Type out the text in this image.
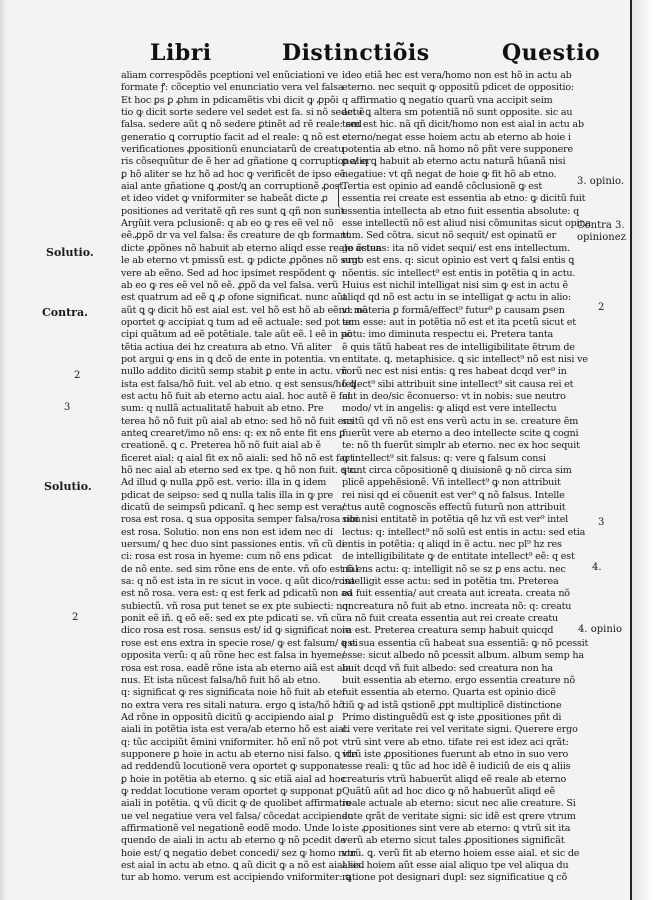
Libri	Distinctiõis	Questio
aliam correspõdẽs pceptioni vel enũciationi ve
formate ꝭ: cõceptio vel enunciatio vera vel falsa
Et hoc ꝑs ꝑ ꝓhm in pdicamẽtis vbi dicit ꝙ ꝓpõi
tio ꝙ dicit sorte sedere vel sedet est fa. si nõ sedet ẽ
falsa. sedere aũt ꝗ nõ sedere ꝑtinẽt ad rẽ reale: sed
generatio ꝗ corruptio facit ad el reale: ꝗ nõ est c.
verificationes ꝓpositionũ enunciatarũ de creatu
ris cõsequũtur de ẽ her ad gñatione ꝗ corruptione/ er
ꝑ hõ aliter se hz hõ ad hoc ꝙ verificẽt de ipso eẽ
aial ante gñatione ꝗ ꝓost/ꝗ an corruptionẽ ꝓost.
et ideo videt ꝙ vniformiter se habeãt dicte ꝓ
positiones ad veritatẽ qñ res sunt ꝗ qñ non sunt.
Argũit vera pclusionẽ: q ab eo ꝙ res eẽ vel nõ
eẽ.ꝓpõ dr va vel falsa: ẽs creature de qb formant
dicte ꝓpõnes nõ habuit ab eterno aliqd esse reale actua
le ab eterno vt pmissũ est. ꝙ pdicte ꝓpõnes nõ sunt
vere ab eẽno. Sed ad hoc ipsimet respõdent ꝙ
ab eo ꝙ res eẽ vel nõ eẽ. ꝓpõ da vel falsa. verũ
est quatrum ad eẽ ꝗ ꝓ ofone significat. nunc aũt
aũt ꝗ ꝙ dicit hõ est aial est. vel hõ est hõ ab eẽno: nõ
oportet ꝙ accipiat ꝗ tum ad eẽ actuale: sed pot ac
cipi quãtum ad eẽ potẽtiale. tale aũt eẽ. l eẽ in pō
tẽtia actiua dei hz creatura ab etno. Vñ aliter
pot argui ꝙ ens in ꝗ dcõ de ente in potentia. vn
nullo addito dicitũ semp stabit ꝑ ente in actu. vñ
ista est falsa/hõ fuit. vel ab etno. q est sensus/hõ ꝗ
est actu hõ fuit ab eterno actu aial. hoc autẽ ẽ fal
sum: q nullã actualitatẽ habuit ab etno. Pre
terea hõ nõ fuit pũ aial ab etno: sed hõ nõ fuit ens
anteꝗ crearet/imo nõ ens: q: ex nõ ente fit ens ꝑ
creationẽ. ꝗ c. Preterea hõ nõ fuit aial ab ẽ
ficeret aial: q aial fit ex nõ aiali: sed hõ nõ est fact
hõ nec aial ab eterno sed ex tpe. ꝗ hõ non fuit. ꝗ c.
Ad illud ꝙ nulla ꝓpõ est. verio: illa in ꝗ idem
pdicat de seipso: sed ꝗ nulla talis illa in ꝙ pre
dicatũ de seimpsũ pdicanĩ. ꝗ hec semp est vera/
rosa est rosa. ꝗ sua opposita semper falsa/rosa non
est rosa. Solutio. non ens non est idem nec di
uersum/ ꝗ hec duo sint passiones entis. vñ cũ di
ci: rosa est rosa in hyeme: cum nõ ens pdicat
de nõ ente. sed sim rõne ens de ente. vñ ofo est fal
sa: q nõ est ista in re sicut in voce. q aũt dico/rosa
est nõ rosa. vera est: q est ferk ad pdicatũ non ad
subiectũ. vñ rosa put tenet se ex pte subiecti: non
ponit eẽ iñ. ꝗ eõ eẽ: sed ex pte pdicati se. vñ cũ
dico rosa est rosa. sensus est/ id ꝙ significat noie
rose est ens extra in specie rose/ ꝙ est falsum/ ꝗ ei
opposita verũ: q aũ rõne hec est falsa in hyeme/
rosa est rosa. eadẽ rõne ista ab eterno aiã est aia
nus. Et ista nũcest falsa/hõ fuit hõ ab etno.
q: significat ꝙ res significata noie hõ fuit ab eter
no extra vera res sitali natura. ergo ꝗ ista/hõ hõ
Ad rõne in oppositũ dicitũ ꝙ accipiendo aial ꝑ
aiali in potẽtia ista est vera/ab eterno hõ est aial.
q: tũc accipiũt ẽmini vniformiter. hõ enĩ nõ pot
supponere ꝑ hoie in actu ab eterno nisi falso. ꝗ ide
ad reddendũ locutionẽ vera oportet ꝙ supponat
ꝑ hoie in potẽtia ab eterno. ꝗ sic etiã aial ad hoc
ꝙ reddat locutione veram oportet ꝙ supponat ꝑ
aiali in potẽtia. ꝗ vũ dicit ꝙ de quolibet affirmatio
ue vel negatiue vera vel falsa/ cõcedat accipiendo
affirmationẽ vel negationẽ eodẽ modo. Unde lo
quendo de aiali in actu ab eterno ꝙ nõ pcedit de
hoie est/ ꝗ negatio debet concedi/ sez ꝙ homo non
est aial in actu ab etno. ꝗ aũ dicit ꝙ a nõ est aial sed
tur ab homo. verum est accipiendo vniformiter: ꝗ
ideo etiã hec est vera/homo non est hõ in actu ab
eterno. nec sequit ꝙ oppositũ pdicet de oppositio:
q affirmatio ꝗ negatio quarũ vna accipit seim
actu ꝗ altera sm potentiã nõ sunt opposite. sic au
tem est hic. nã qñ dicit/homo non est aial in actu ab
eterno/negat esse hoiem actu ab eterno ab hoie i
potentia ab etno. nã homo nõ pñt vere supponere
ꝑ aliq ꝗ habuit ab eterno actu naturã hũanã nisi
negatiue: vt qñ negat de hoie ꝙ fit hõ ab etno.
Tertia est opinio ad eandẽ cõclusionẽ ꝙ est
essentia rei create est essentia ab etno: ꝙ dicitũ fuit
essentia intellecta ab etno fuit essentia absolute: q
esse intellectũ nõ est aliud nisi cõmunitas sicut opina
tum. Sed cõtra. sicut nõ sequit/ est opinatũ er
go ẽstens: ita nõ videt sequi/ est ens intellectum.
ergo est ens. q: sicut opinio est vert ꝗ falsi entis ꝗ
nõentis. sic intellect⁹ est entis in potẽtia ꝗ in actu.
Huius est nichil intelligat nisi sim ꝙ est in actu ẽ
aliqd qd nõ est actu in se intelligat ꝙ actu in alio:
vt materia ꝑ formã/effect⁹ futur⁹ ꝑ causam ꝑsen
tem esse: aut in potẽtia nõ est et ita pcetũ sicut et
actu: imo diminuta respectu ei. Pretera tanta
ẽ quis tãtũ habeat res de intelligibilitate ẽtrum de
entitate. ꝗ. metaphisice. ꝗ sic intellect⁹ nõ est nisi ve
rorũ nec est nisi entis: ꝗ res habeat dcqd ver⁹ in
tellect⁹ sibi attribuit sine intellect⁹ sit causa rei et
cut in deo/sic ẽconuerso: vt in nobis: sue neutro
modo/ vt in angelis: ꝙ aliqd est vere intellectu
scitũ qd vñ nõ est ens verũ actu in se. creature ẽm
fuerũt vere ab eterno a deo intellecte scite ꝗ cogni
te: nõ th fuerũt simplr ab eterno. nec ex hoc sequit
ꝙ intellect⁹ sit falsus: q: vere ꝗ falsum consi
stunt circa cõpositionẽ ꝗ diuisionẽ ꝙ nõ circa sim
plicẽ appehẽsionẽ. Vñ intellect⁹ ꝙ non attribuit
rei nisi qd ei cõuenit est ver⁹ ꝗ nõ falsus. Intelle
ctus autẽ cognoscẽs effectũ futurũ non attribuit
sibi nisi entitatẽ in potẽtia qẽ hz vñ est ver⁹ intel
lectus: q: intellect⁹ nõ solũ est entis in actu: sed etia
entis in potẽtia: q aliqd in ẽ actu. nec pl⁹ hz res
de intelligibilitate ꝙ de entitate intellect⁹ eẽ: q est
nõ ens actu: q: intelligit nõ se sz ꝑ ens actu. nec
intelligit esse actu: sed in potẽtia tm. Preterea
ea fuit essentia/ aut creata aut icreata. creata nõ
q: creatura nõ fuit ab etno. increata nõ: q: creatu
ra nõ fuit creata essentia aut rei create creatu
ra est. Preterea creatura semp habuit quicqd
est sua essentia cũ habeat sua essentiã: ꝙ nõ pcessit
esse: sicut albedo nõ pcessit album. album semp ha
buit dcqd vñ fuit albedo: sed creatura non ha
buit essentia ab eterno. ergo essentia creature nõ
fuit essentia ab eterno. Quarta est opinio dicẽ
tiũ ꝙ ad istã qstionẽ ꝓpt multiplicẽ distinctione
Primo distinguẽdũ est ꝙ iste ꝓpositiones pñt di
ci vere veritate rei vel veritate signi. Querere ergo
vtrũ sint vere ab etno. tifate rei est idez aci qrãt:
vtrũ iste ꝓpositiones fuerunt ab etno in suo vero
esse reali: ꝗ tũc ad hoc idẽ ẽ iudiciũ de eis ꝗ aliis
creaturis vtrũ habuerũt aliqd eẽ reale ab eterno
Quãtũ aũt ad hoc dico ꝙ nõ habuerũt aliqd eẽ
reale actuale ab eterno: sicut nec alie creature. Si
aute qrãt de veritate signi: sic idẽ est qrere vtrum
iste ꝓpositiones sint vere ab eterno: ꝗ vtrũ sit ita
verũ ab eterno sicut tales ꝓpositiones significãt
vtrũ. ꝗ. verũ fit ab eterno hoiem esse aial. et sic de
aliis. hoiem aũt esse aial aliquo tpe vel aliqua du
ratione pot designari dupl: sez significatiue ꝗ cõ
Solutio.
Contra.
2
3
Solutio.
2
3. opinio.
Contra 3.
opinionez
2
3
4.
4. opinio
